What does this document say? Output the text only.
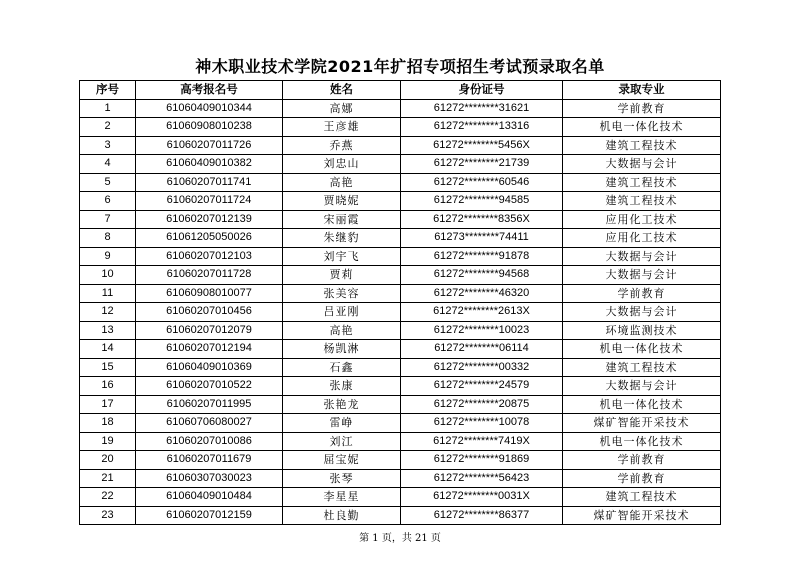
神木职业技术学院2021年扩招专项招生考试预录取名单
序号	高考报名号	姓名	身份证号	录取专业
1	61060409010344	高娜	61272********31621	学前教育
2	61060908010238	王彦雄	61272********13316	机电一体化技术
3	61060207011726	乔燕	61272********5456X	建筑工程技术
4	61060409010382	刘忠山	61272********21739	大数据与会计
5	61060207011741	高艳	61272********60546	建筑工程技术
6	61060207011724	贾晓妮	61272********94585	建筑工程技术
7	61060207012139	宋丽霞	61272********8356X	应用化工技术
8	61061205050026	朱继豹	61273********74411	应用化工技术
9	61060207012103	刘宇飞	61272********91878	大数据与会计
10	61060207011728	贾莉	61272********94568	大数据与会计
11	61060908010077	张美容	61272********46320	学前教育
12	61060207010456	吕亚刚	61272********2613X	大数据与会计
13	61060207012079	高艳	61272********10023	环境监测技术
14	61060207012194	杨凯淋	61272********06114	机电一体化技术
15	61060409010369	石鑫	61272********00332	建筑工程技术
16	61060207010522	张康	61272********24579	大数据与会计
17	61060207011995	张艳龙	61272********20875	机电一体化技术
18	61060706080027	雷峥	61272********10078	煤矿智能开采技术
19	61060207010086	刘江	61272********7419X	机电一体化技术
20	61060207011679	屈宝妮	61272********91869	学前教育
21	61060307030023	张琴	61272********56423	学前教育
22	61060409010484	李星星	61272********0031X	建筑工程技术
23	61060207012159	杜良勤	61272********86377	煤矿智能开采技术
第 1 页，共 21 页
